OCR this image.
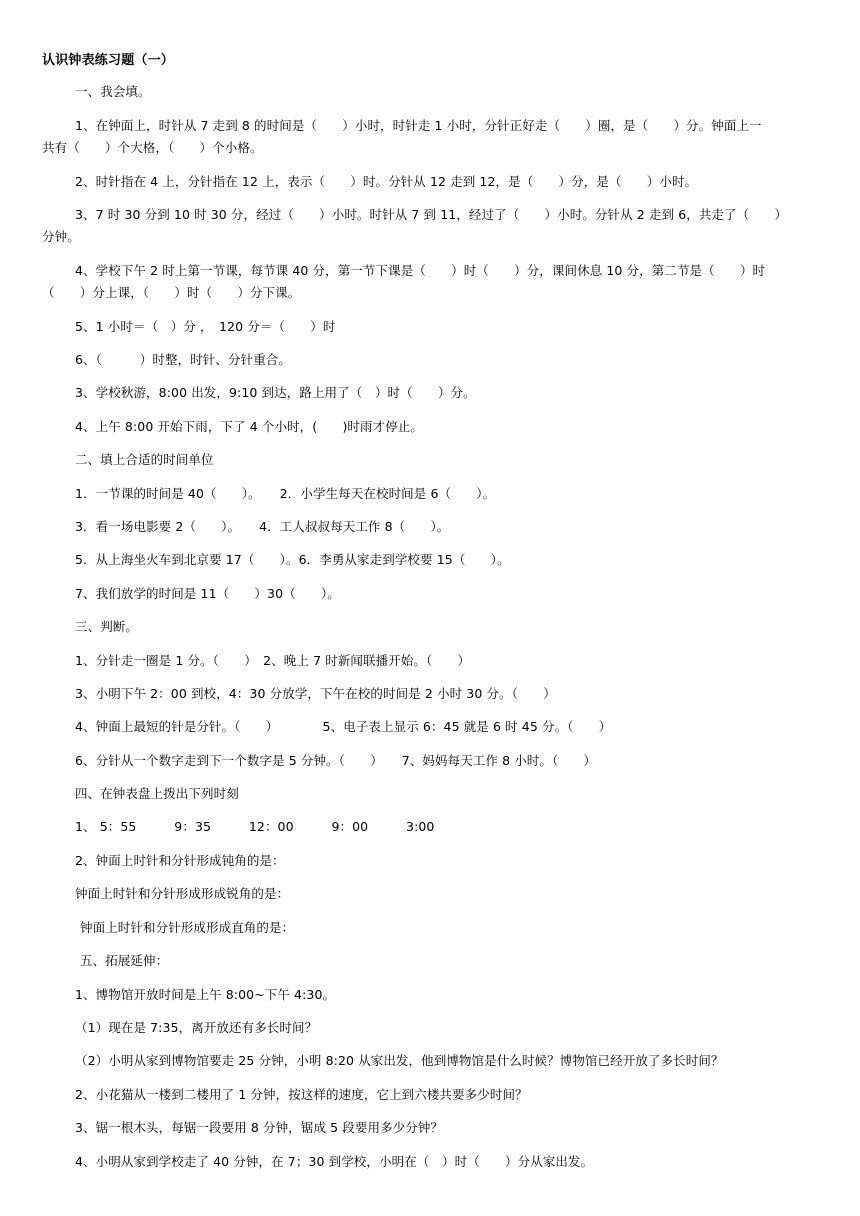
认识钟表练习题（一）
一、我会填。
1、在钟面上，时针从 7 走到 8 的时间是（　　）小时，时针走 1 小时，分针正好走（　　）圈，是（　　）分。钟面上一
共有（　　）个大格，（　　）个小格。
2、时针指在 4 上，分针指在 12 上，表示（　　）时。分针从 12 走到 12，是（　　）分，是（　　）小时。
3、7 时 30 分到 10 时 30 分，经过（　　）小时。时针从 7 到 11，经过了（　　）小时。分针从 2 走到 6，共走了（　　）
分钟。
4、学校下午 2 时上第一节课，每节课 40 分，第一节下课是（　　）时（　　）分，课间休息 10 分，第二节是（　　）时
（　　）分上课，（　　）时（　　）分下课。
5、1 小时＝（　）分 ，　120 分＝（　　）时
6、（　　　）时整，时针、分针重合。
3、学校秋游，8:00 出发，9:10 到达，路上用了（　）时（　　）分。
4、上午 8:00 开始下雨，下了 4 个小时，(　　)时雨才停止。
二、填上合适的时间单位
1．一节课的时间是 40（　　）。　　2．小学生每天在校时间是 6（　　）。
3．看一场电影要 2（　　）。　　4．工人叔叔每天工作 8（　　）。
5．从上海坐火车到北京要 17（　　）。6．李勇从家走到学校要 15（　　）。
7、我们放学的时间是 11（　　）30（　　）。
三、判断。
1、分针走一圈是 1 分。（　　）　2、晚上 7 时新闻联播开始。（　　）
3、小明下午 2：00 到校，4：30 分放学，下午在校的时间是 2 小时 30 分。（　　）
4、钟面上最短的针是分针。（　　）　　　　5、电子表上显示 6：45 就是 6 时 45 分。（　　）
6、分针从一个数字走到下一个数字是 5 分钟。（　　）　　7、妈妈每天工作 8 小时。（　　）
四、在钟表盘上拨出下列时刻
1、 5：55　　　9：35　　　12：00　　　9：00　　　3:00
2、钟面上时针和分针形成钝角的是：
钟面上时针和分针形成形成锐角的是：
钟面上时针和分针形成形成直角的是：
五、拓展延伸：
1、博物馆开放时间是上午 8:00~下午 4:30。
（1）现在是 7:35，离开放还有多长时间？
（2）小明从家到博物馆要走 25 分钟，小明 8:20 从家出发，他到博物馆是什么时候？博物馆已经开放了多长时间？
2、小花猫从一楼到二楼用了 1 分钟，按这样的速度，它上到六楼共要多少时间？
3、锯一根木头，每锯一段要用 8 分钟，锯成 5 段要用多少分钟？
4、小明从家到学校走了 40 分钟，在 7；30 到学校，小明在（　）时（　　）分从家出发。
